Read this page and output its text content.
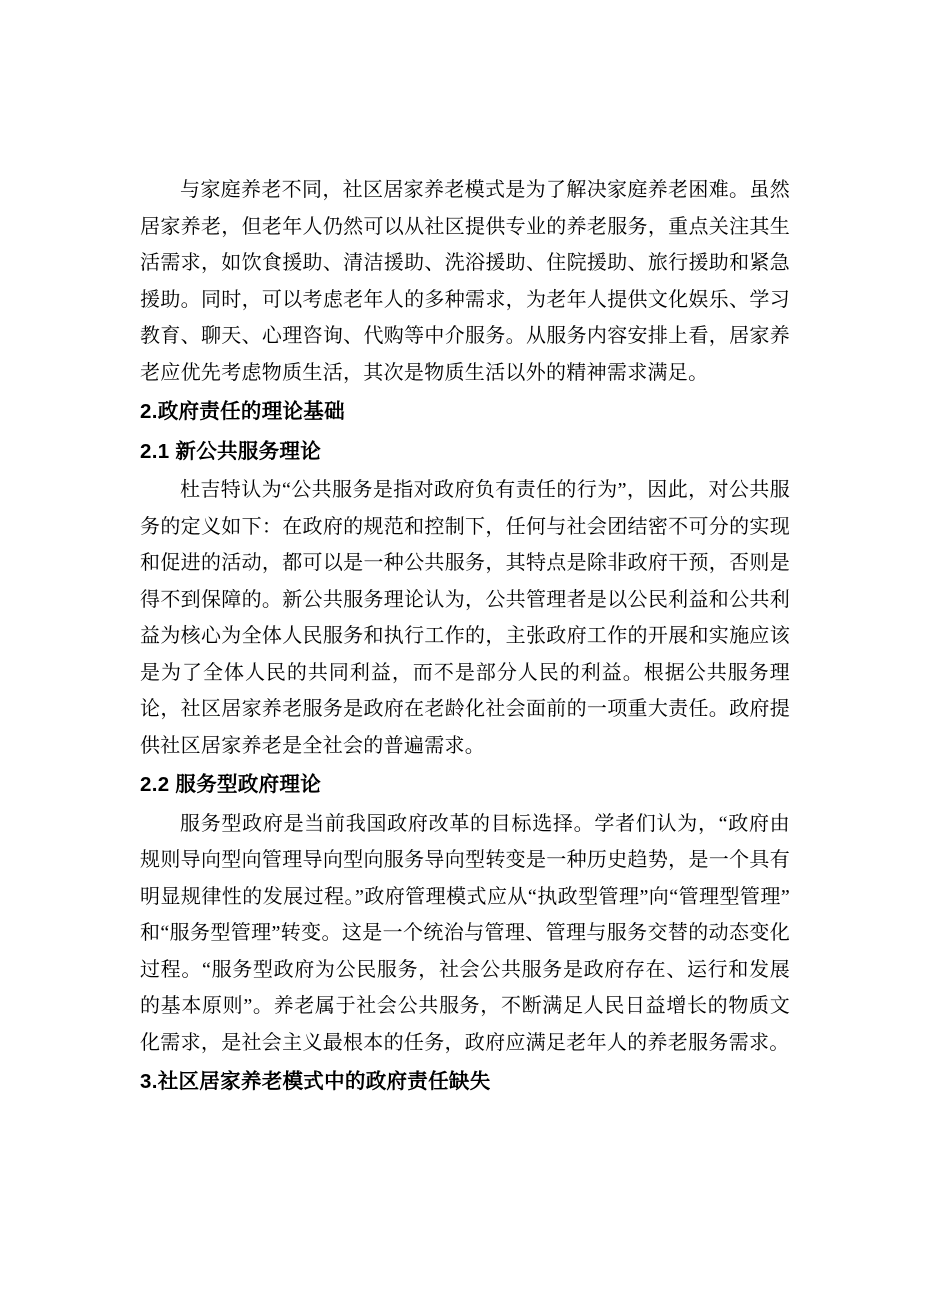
与家庭养老不同，社区居家养老模式是为了解决家庭养老困难。虽然居家养老，但老年人仍然可以从社区提供专业的养老服务，重点关注其生活需求，如饮食援助、清洁援助、洗浴援助、住院援助、旅行援助和紧急援助。同时，可以考虑老年人的多种需求，为老年人提供文化娱乐、学习教育、聊天、心理咨询、代购等中介服务。从服务内容安排上看，居家养老应优先考虑物质生活，其次是物质生活以外的精神需求满足。

2.政府责任的理论基础
2.1 新公共服务理论

杜吉特认为“公共服务是指对政府负有责任的行为”，因此，对公共服务的定义如下：在政府的规范和控制下，任何与社会团结密不可分的实现和促进的活动，都可以是一种公共服务，其特点是除非政府干预，否则是得不到保障的。新公共服务理论认为，公共管理者是以公民利益和公共利益为核心为全体人民服务和执行工作的，主张政府工作的开展和实施应该是为了全体人民的共同利益，而不是部分人民的利益。根据公共服务理论，社区居家养老服务是政府在老龄化社会面前的一项重大责任。政府提供社区居家养老是全社会的普遍需求。

2.2 服务型政府理论

服务型政府是当前我国政府改革的目标选择。学者们认为，“政府由规则导向型向管理导向型向服务导向型转变是一种历史趋势，是一个具有明显规律性的发展过程。”政府管理模式应从“执政型管理”向“管理型管理”和“服务型管理”转变。这是一个统治与管理、管理与服务交替的动态变化过程。“服务型政府为公民服务，社会公共服务是政府存在、运行和发展的基本原则”。养老属于社会公共服务，不断满足人民日益增长的物质文化需求，是社会主义最根本的任务，政府应满足老年人的养老服务需求。

3.社区居家养老模式中的政府责任缺失
